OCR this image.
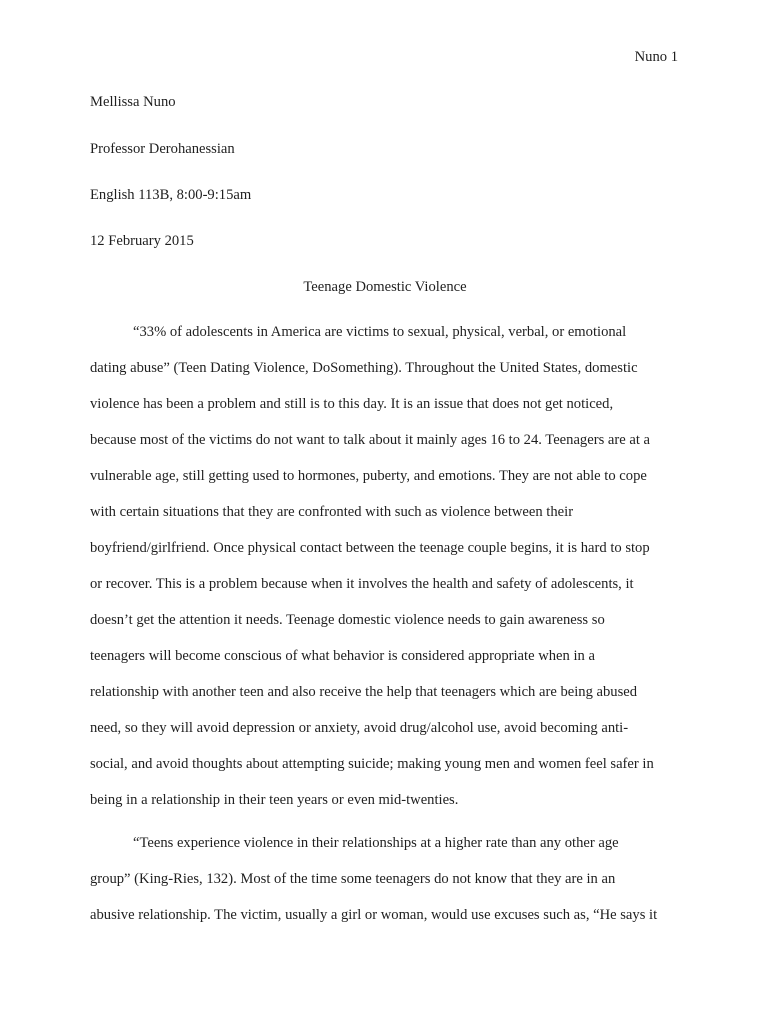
Nuno 1
Mellissa Nuno
Professor Derohanessian
English 113B, 8:00-9:15am
12 February 2015
Teenage Domestic Violence
“33% of adolescents in America are victims to sexual, physical, verbal, or emotional
dating abuse” (Teen Dating Violence, DoSomething). Throughout the United States, domestic
violence has been a problem and still is to this day. It is an issue that does not get noticed,
because most of the victims do not want to talk about it mainly ages 16 to 24. Teenagers are at a
vulnerable age, still getting used to hormones, puberty, and emotions. They are not able to cope
with certain situations that they are confronted with such as violence between their
boyfriend/girlfriend. Once physical contact between the teenage couple begins, it is hard to stop
or recover. This is a problem because when it involves the health and safety of adolescents, it
doesn’t get the attention it needs. Teenage domestic violence needs to gain awareness so
teenagers will become conscious of what behavior is considered appropriate when in a
relationship with another teen and also receive the help that teenagers which are being abused
need, so they will avoid depression or anxiety, avoid drug/alcohol use, avoid becoming anti-
social, and avoid thoughts about attempting suicide; making young men and women feel safer in
being in a relationship in their teen years or even mid-twenties.
“Teens experience violence in their relationships at a higher rate than any other age
group” (King-Ries, 132). Most of the time some teenagers do not know that they are in an
abusive relationship. The victim, usually a girl or woman, would use excuses such as, “He says it
